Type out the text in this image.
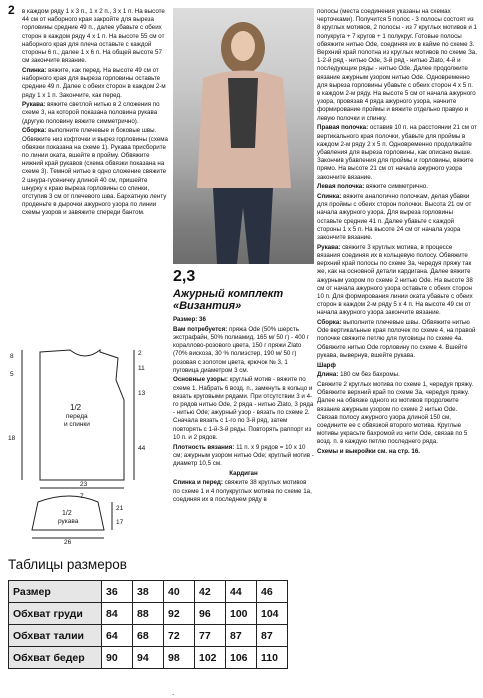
2 в каждом ряду 1 х 3 п., 1 х 2 п., 3 х 1 п. На высоте 44 см от наборного края закройте для выреза горловины средние 49 п., далее убавьте с обеих сторон в каждом ряду 4 х 1 п. На высоте 55 см от наборного края для плеча оставьте с каждой стороны 6 п., далее 1 х 6 п. На общей высоте 57 см закончите вязание.

Спинка: вяжите, как перед. На высоте 49 см от наборного края для выреза горловины оставьте средние 49 п. Далее с обеих сторон в каждом 2-м ряду 1 х 1 п. Закончите, как перед.

Рукава: вяжите светлой нитью в 2 сложения по схеме 3, на которой показана половина рукава (другую половину вяжите симметрично).

Сборка: выполните плечевые и боковые швы. Обвяжите низ кофточки и вырез горловины (схема обвязки показана на схеме 1). Рукава присборите по линии оката, вшейте в пройму. Обвяжите нижний край рукавов (схема обвязки показана на схеме 3). Темной нитью в одно сложение свяжите 2 шнура-гусеничку длиной 40 см, пришейте шнурку к краю выреза горловины со спинки, отступив 3 см от плечевого шва. Бархатную ленту проденьте в дырочки ажурного узора по линии схемы узоров и завяжите спереди бантом.

8
5
18
2
11
13
44
23
1/2
переда
и спинки
7
21
17
1/2
рукава
26
Таблицы размеров
Размер	36	38	40	42	44	46
Обхват груди	84	88	92	96	100	104
Обхват талии	64	68	72	77	87	87
Обхват бедер	90	94	98	102	106	110
2,3
Ажурный комплект
«Византия»

Размер: 36

Вам потребуется: пряжа Ode (50% шерсть экстрафайн, 50% полиамид, 165 м/ 50 г) - 400 г кораллово-розового цвета, 150 г пряжи Zlato (70% вискоза, 30 % полиэстер, 190 м/ 50 г) розовая с золотом цвета, крючок № 3, 1 пуговица диаметром 3 см.

Основные узоры: круглый мотив - вяжите по схеме 1. Набрать 6 возд. п., замкнуть в кольцо и вязать круговыми рядами. При отсутствии 3 и 4-го рядов нитью Ode, 2 ряда - нитью Zlato, 3 ряда - нитью Ode; ажурный узор - вязать по схеме 2. Сначала вязать с 1-го по 3-й ряд, затем повторять с 1-й-3-й ряды. Повторять раппорт из 10 п. и 2 рядов.

Плотность вязания: 11 п. х 9 рядов = 10 х 10 см; ажурным узором нитью Ode; круглый мотив - диаметр 10,5 см.

Кардиган

Спинка и перед: свяжите 38 круглых мотивов по схеме 1 и 4 полукруглых мотива по схеме 1а, соединяя их в последнем ряду в

полосы (места соединения указаны на схемах черточками). Получится 5 полос - 3 полосы состоят из 8 круглых мотивов, 2 полосы - из 7 круглых мотивов и 1 полукруга + 7 кругов + 1 полукруг. Готовые полосы обвяжите нитью Ode, соединяя их в кайме по схеме 3. Верхний край полотна из круглых мотивов по схеме За, 1-2-й ряд - нитью Ode, 3-й ряд - нитью Zlato, 4-й и последующие ряды - нитью Ode. Далее продолжите вязание ажурным узором нитью Ode. Одновременно для выреза горловины убавьте с обеих сторон 4 х 5 п. в каждом 2-м ряду. На высоте 5 см от начала ажурного узора, провязав 4 ряда ажурного узора, начните формирование проймы и вяжите отдельно правую и левую полочки и спинку.

Правая полочка: оставив 10 п. на расстоянии 21 см от вертикального края полочки, убавьте для проймы в каждом 2-м ряду 2 х 5 п. Одновременно продолжайте убавления для выреза горловины, как описано выше. Закончив убавления для проймы и горловины, вяжите прямо. На высоте 21 см от начала ажурного узора закончите вязание.

Левая полочка: вяжите симметрично.

Спинка: вяжите аналогично полочкам, делая убавки для проймы с обеих сторон полочки. Высота 21 см от начала ажурного узора. Для выреза горловины оставьте средние 41 п. Далее убавьте с каждой стороны 1 х 5 п. На высоте 24 см от начала узора закончите вязание.

Рукава: свяжите 3 круглых мотива, в процессе вязания соединяя их в кольцевую полосу. Обвяжите верхний край полосы по схеме За, чередуя пряжу так же, как на основной детали кардигана. Далее вяжите ажурным узором по схеме 2 нитью Ode. На высоте 38 см от начала ажурного узора оставьте с обеих сторон 10 п. Для формирования линии оката убавьте с обеих сторон в каждом 2-м ряду 5 х 4 п. На высоте 49 см от начала ажурного узора закончите вязание.

Сборка: выполните плечевые швы. Обвяжите нитью Ode вертикальные края полочек по схеме 4, на правой полочке свяжите петлю для пуговицы по схеме 4а. Обвяжите нитью Ode горловину по схеме 4. Вшейте рукава, вывернув, вшейте рукава.

Шарф

Длина: 180 см без бахромы.

Свяжите 2 круглых мотива по схеме 1, чередуя пряжу. Обвяжите верхний край по схеме За, чередуя пряжу. Далее на обвязке одного из мотивов продолжите вязание ажурным узором по схеме 2 нитью Ode. Связав полосу ажурного узора длиной 150 см, соедините ее с обвязкой второго мотива. Круглые мотивы украсьте бахромой из нити Ode, связав по 5 возд. п. в каждую петлю последнего ряда.

Схемы и выкройки см. на стр. 16.

.
